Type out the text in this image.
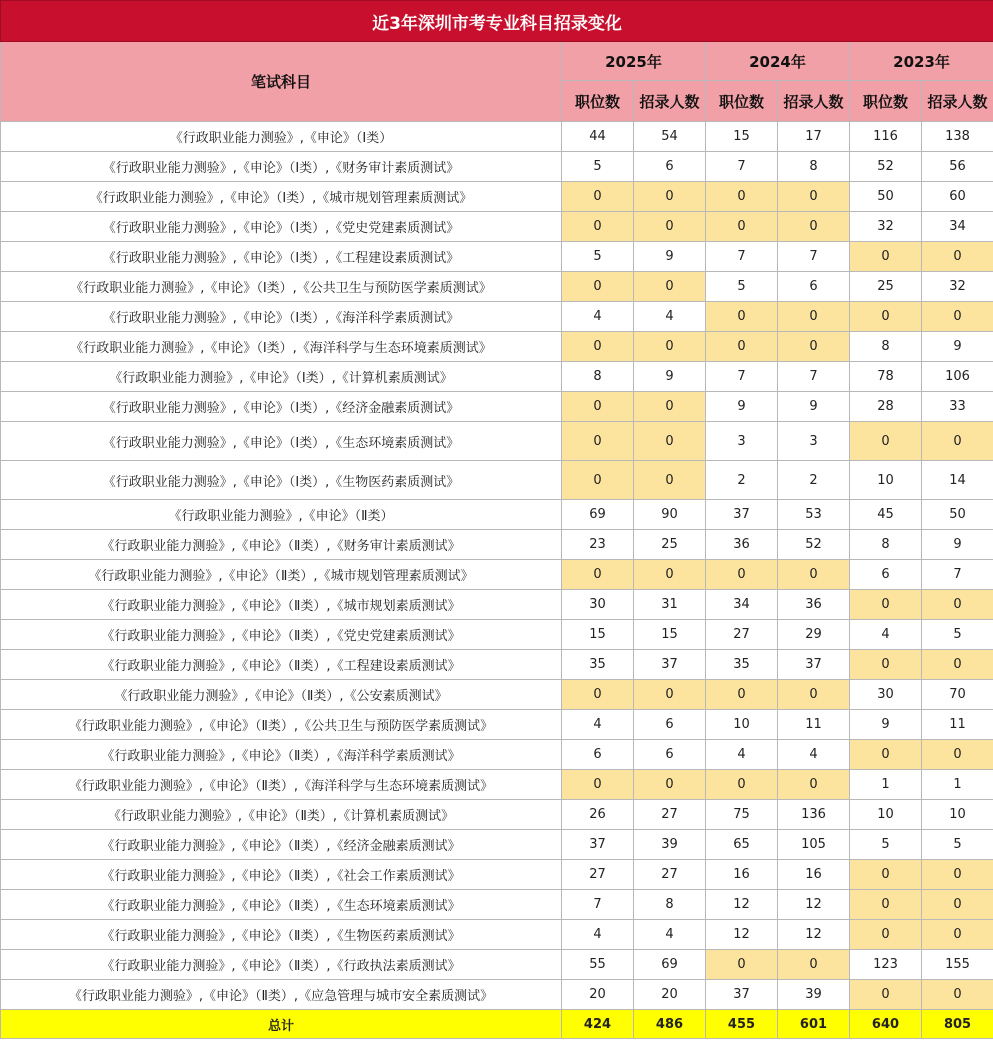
近3年深圳市考专业科目招录变化						
笔试科目	2025年		2024年		2023年	
	职位数	招录人数	职位数	招录人数	职位数	招录人数
《行政职业能力测验》,《申论》（Ⅰ类）	44	54	15	17	116	138
《行政职业能力测验》,《申论》（Ⅰ类）,《财务审计素质测试》	5	6	7	8	52	56
《行政职业能力测验》,《申论》（Ⅰ类）,《城市规划管理素质测试》	0	0	0	0	50	60
《行政职业能力测验》,《申论》（Ⅰ类）,《党史党建素质测试》	0	0	0	0	32	34
《行政职业能力测验》,《申论》（Ⅰ类）,《工程建设素质测试》	5	9	7	7	0	0
《行政职业能力测验》,《申论》（Ⅰ类）,《公共卫生与预防医学素质测试》	0	0	5	6	25	32
《行政职业能力测验》,《申论》（Ⅰ类）,《海洋科学素质测试》	4	4	0	0	0	0
《行政职业能力测验》,《申论》（Ⅰ类）,《海洋科学与生态环境素质测试》	0	0	0	0	8	9
《行政职业能力测验》,《申论》（Ⅰ类）,《计算机素质测试》	8	9	7	7	78	106
《行政职业能力测验》,《申论》（Ⅰ类）,《经济金融素质测试》	0	0	9	9	28	33
《行政职业能力测验》,《申论》（Ⅰ类）,《生态环境素质测试》	0	0	3	3	0	0
《行政职业能力测验》,《申论》（Ⅰ类）,《生物医药素质测试》	0	0	2	2	10	14
《行政职业能力测验》,《申论》（Ⅱ类）	69	90	37	53	45	50
《行政职业能力测验》,《申论》（Ⅱ类）,《财务审计素质测试》	23	25	36	52	8	9
《行政职业能力测验》,《申论》（Ⅱ类）,《城市规划管理素质测试》	0	0	0	0	6	7
《行政职业能力测验》,《申论》（Ⅱ类）,《城市规划素质测试》	30	31	34	36	0	0
《行政职业能力测验》,《申论》（Ⅱ类）,《党史党建素质测试》	15	15	27	29	4	5
《行政职业能力测验》,《申论》（Ⅱ类）,《工程建设素质测试》	35	37	35	37	0	0
《行政职业能力测验》,《申论》（Ⅱ类）,《公安素质测试》	0	0	0	0	30	70
《行政职业能力测验》,《申论》（Ⅱ类）,《公共卫生与预防医学素质测试》	4	6	10	11	9	11
《行政职业能力测验》,《申论》（Ⅱ类）,《海洋科学素质测试》	6	6	4	4	0	0
《行政职业能力测验》,《申论》（Ⅱ类）,《海洋科学与生态环境素质测试》	0	0	0	0	1	1
《行政职业能力测验》,《申论》（Ⅱ类）,《计算机素质测试》	26	27	75	136	10	10
《行政职业能力测验》,《申论》（Ⅱ类）,《经济金融素质测试》	37	39	65	105	5	5
《行政职业能力测验》,《申论》（Ⅱ类）,《社会工作素质测试》	27	27	16	16	0	0
《行政职业能力测验》,《申论》（Ⅱ类）,《生态环境素质测试》	7	8	12	12	0	0
《行政职业能力测验》,《申论》（Ⅱ类）,《生物医药素质测试》	4	4	12	12	0	0
《行政职业能力测验》,《申论》（Ⅱ类）,《行政执法素质测试》	55	69	0	0	123	155
《行政职业能力测验》,《申论》（Ⅱ类）,《应急管理与城市安全素质测试》	20	20	37	39	0	0
总计	424	486	455	601	640	805
